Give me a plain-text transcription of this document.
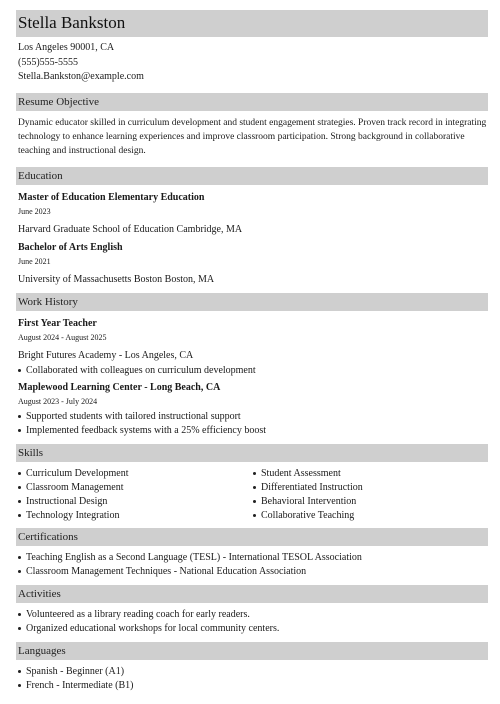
Stella Bankston
Los Angeles 90001, CA
(555)555-5555
Stella.Bankston@example.com
Resume Objective
Dynamic educator skilled in curriculum development and student engagement strategies. Proven track record in integrating technology to enhance learning experiences and improve classroom participation. Strong background in collaborative teaching and instructional design.
Education
Master of Education Elementary Education
June 2023
Harvard Graduate School of Education Cambridge, MA
Bachelor of Arts English
June 2021
University of Massachusetts Boston Boston, MA
Work History
First Year Teacher
August 2024 - August 2025
Bright Futures Academy - Los Angeles, CA
Collaborated with colleagues on curriculum development
Maplewood Learning Center - Long Beach, CA
August 2023 - July 2024
Supported students with tailored instructional support
Implemented feedback systems with a 25% efficiency boost
Skills
Curriculum Development
Classroom Management
Instructional Design
Technology Integration
Student Assessment
Differentiated Instruction
Behavioral Intervention
Collaborative Teaching
Certifications
Teaching English as a Second Language (TESL) - International TESOL Association
Classroom Management Techniques - National Education Association
Activities
Volunteered as a library reading coach for early readers.
Organized educational workshops for local community centers.
Languages
Spanish - Beginner (A1)
French - Intermediate (B1)
